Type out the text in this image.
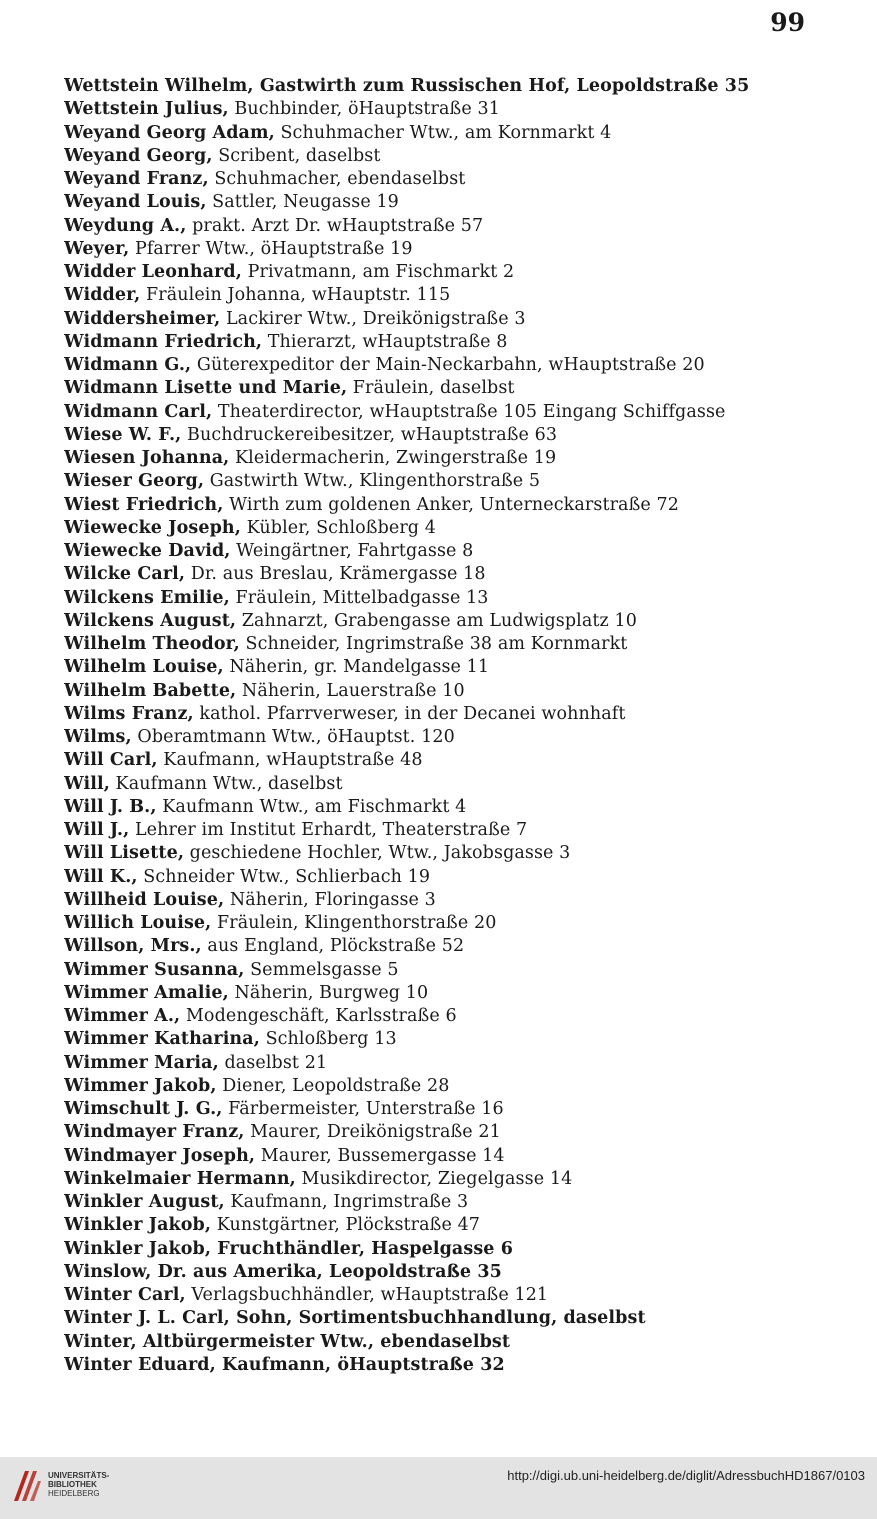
99
Wettstein Wilhelm, Gastwirth zum Russischen Hof, Leopoldstraße 35
Wettstein Julius, Buchbinder, öHauptstraße 31
Weyand Georg Adam, Schuhmacher Wtw., am Kornmarkt 4
Weyand Georg, Scribent, daselbst
Weyand Franz, Schuhmacher, ebendaselbst
Weyand Louis, Sattler, Neugasse 19
Weydung A., prakt. Arzt Dr. wHauptstraße 57
Weyer, Pfarrer Wtw., öHauptstraße 19
Widder Leonhard, Privatmann, am Fischmarkt 2
Widder, Fräulein Johanna, wHauptstr. 115
Widdersheimer, Lackirer Wtw., Dreikönigstraße 3
Widmann Friedrich, Thierarzt, wHauptstraße 8
Widmann G., Güterexpeditor der Main-Neckarbahn, wHauptstraße 20
Widmann Lisette und Marie, Fräulein, daselbst
Widmann Carl, Theaterdirector, wHauptstraße 105 Eingang Schiffgasse
Wiese W. F., Buchdruckereibesitzer, wHauptstraße 63
Wiesen Johanna, Kleidermacherin, Zwingerstraße 19
Wieser Georg, Gastwirth Wtw., Klingenthorstraße 5
Wiest Friedrich, Wirth zum goldenen Anker, Unterneckarstraße 72
Wiewecke Joseph, Kübler, Schloßberg 4
Wiewecke David, Weingärtner, Fahrtgasse 8
Wilcke Carl, Dr. aus Breslau, Krämergasse 18
Wilckens Emilie, Fräulein, Mittelbadgasse 13
Wilckens August, Zahnarzt, Grabengasse am Ludwigsplatz 10
Wilhelm Theodor, Schneider, Ingrimstraße 38 am Kornmarkt
Wilhelm Louise, Näherin, gr. Mandelgasse 11
Wilhelm Babette, Näherin, Lauerstraße 10
Wilms Franz, kathol. Pfarrverweser, in der Decanei wohnhaft
Wilms, Oberamtmann Wtw., öHauptst. 120
Will Carl, Kaufmann, wHauptstraße 48
Will, Kaufmann Wtw., daselbst
Will J. B., Kaufmann Wtw., am Fischmarkt 4
Will J., Lehrer im Institut Erhardt, Theaterstraße 7
Will Lisette, geschiedene Hochler, Wtw., Jakobsgasse 3
Will K., Schneider Wtw., Schlierbach 19
Willheid Louise, Näherin, Floringasse 3
Willich Louise, Fräulein, Klingenthorstraße 20
Willson, Mrs., aus England, Plöckstraße 52
Wimmer Susanna, Semmelsgasse 5
Wimmer Amalie, Näherin, Burgweg 10
Wimmer A., Modengeschäft, Karlsstraße 6
Wimmer Katharina, Schloßberg 13
Wimmer Maria, daselbst 21
Wimmer Jakob, Diener, Leopoldstraße 28
Wimschult J. G., Färbermeister, Unterstraße 16
Windmayer Franz, Maurer, Dreikönigstraße 21
Windmayer Joseph, Maurer, Bussemergasse 14
Winkelmaier Hermann, Musikdirector, Ziegelgasse 14
Winkler August, Kaufmann, Ingrimstraße 3
Winkler Jakob, Kunstgärtner, Plöckstraße 47
Winkler Jakob, Fruchthändler, Haspelgasse 6
Winslow, Dr. aus Amerika, Leopoldstraße 35
Winter Carl, Verlagsbuchhändler, wHauptstraße 121
Winter J. L. Carl, Sohn, Sortimentsbuchhandlung, daselbst
Winter, Altbürgermeister Wtw., ebendaselbst
Winter Eduard, Kaufmann, öHauptstraße 32
UNIVERSITÄTS-
BIBLIOTHEK
HEIDELBERG
http://digi.ub.uni-heidelberg.de/diglit/AdressbuchHD1867/0103
